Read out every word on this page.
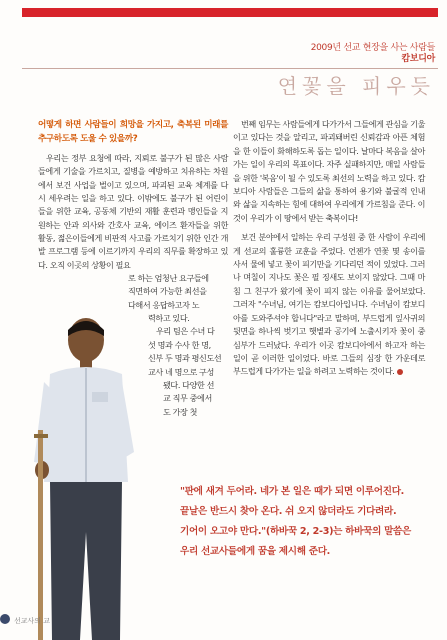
2009년 선교 현장을 사는 사람들
캄보디아
연꽃을 피우듯
어떻게 하면 사람들이 희망을 가지고, 축복된 미래를 추구하도록 도울 수 있을까?

우리는 정부 요청에 따라, 지뢰로 불구가 된 많은 사람들에게 기술을 가르치고, 질병을 예방하고 치유하는 차원에서 보건 사업을 벌이고 있으며, 파괴된 교육 체계를 다시 세우려는 일을 하고 있다. 이밖에도 불구가 된 어린이들을 위한 교육, 공동체 기반의 재활 훈련과 맹인들을 지원하는 안과 의사와 간호사 교육, 에이즈 환자들을 위한 활동, 젊은이들에게 비판적 사고를 가르치기 위한 인간 개발 프로그램 등에 이르기까지 우리의 직무를 확장하고 있다. 오직 이곳의 상황이 필요

로 하는 엄청난 요구들에
직면하여 가능한 최선을
다해서 응답하고자 노
력하고 있다.
우리 팀은 수녀 다
섯 명과 수사 한 명,
신부 두 명과 평신도선
교사 네 명으로 구성
됐다. 다양한 선
교 직무 중에서
도 가장 첫

번째 임무는 사람들에게 다가가서 그들에게 관심을 기울이고 있다는 것을 알리고, 파괴돼버린 신뢰감과 아픈 체험을 한 이들이 화해하도록 돕는 일이다. 날마다 복음을 살아가는 일이 우리의 목표이다. 자주 실패하지만, 매일 사람들을 위한 '복음'이 될 수 있도록 최선의 노력을 하고 있다. 캄보디아 사람들은 그들의 삶을 통하여 용기와 불굴적 인내와 삶을 지속하는 힘에 대하여 우리에게 가르침을 준다. 이것이 우리가 이 땅에서 받는 축복이다!

보건 분야에서 일하는 우리 구성원 중 한 사람이 우리에게 선교의 훌륭한 교훈을 주었다. 언젠가 연꽃 몇 송이를 사서 물에 넣고 꽃이 피기만을 기다리던 적이 있었다. 그러나 며칠이 지나도 꽃은 필 징새도 보이지 않았다. 그때 마침 그 친구가 왔기에 꽃이 피지 않는 이유를 물어보았다. 그러자 "수녀님, 여기는 캄보디아입니다. 수녀님이 캄보디아를 도와주셔야 합니다"라고 말하며, 부드럽게 잎사귀의 뒷면을 하나씩 벗기고 햇볕과 공기에 노출시키자 꽃이 중심부가 드러났다. 우리가 이곳 캄보디아에서 하고자 하는 일이 곧 이러한 일이었다. 바로 그들의 심장 한 가운데로 부드럽게 다가가는 일을 하려고 노력하는 것이다.

"판에 새겨 두어라. 네가 본 일은 때가 되면 이루어진다.
끝날은 반드시 찾아 온다. 쉬 오지 않더라도 기다려라.
기어이 오고야 만다."(하바꾹 2, 2-3)는 하바꾹의 말씀은
우리 선교사들에게 꿈을 제시해 준다.
선교사의 교
